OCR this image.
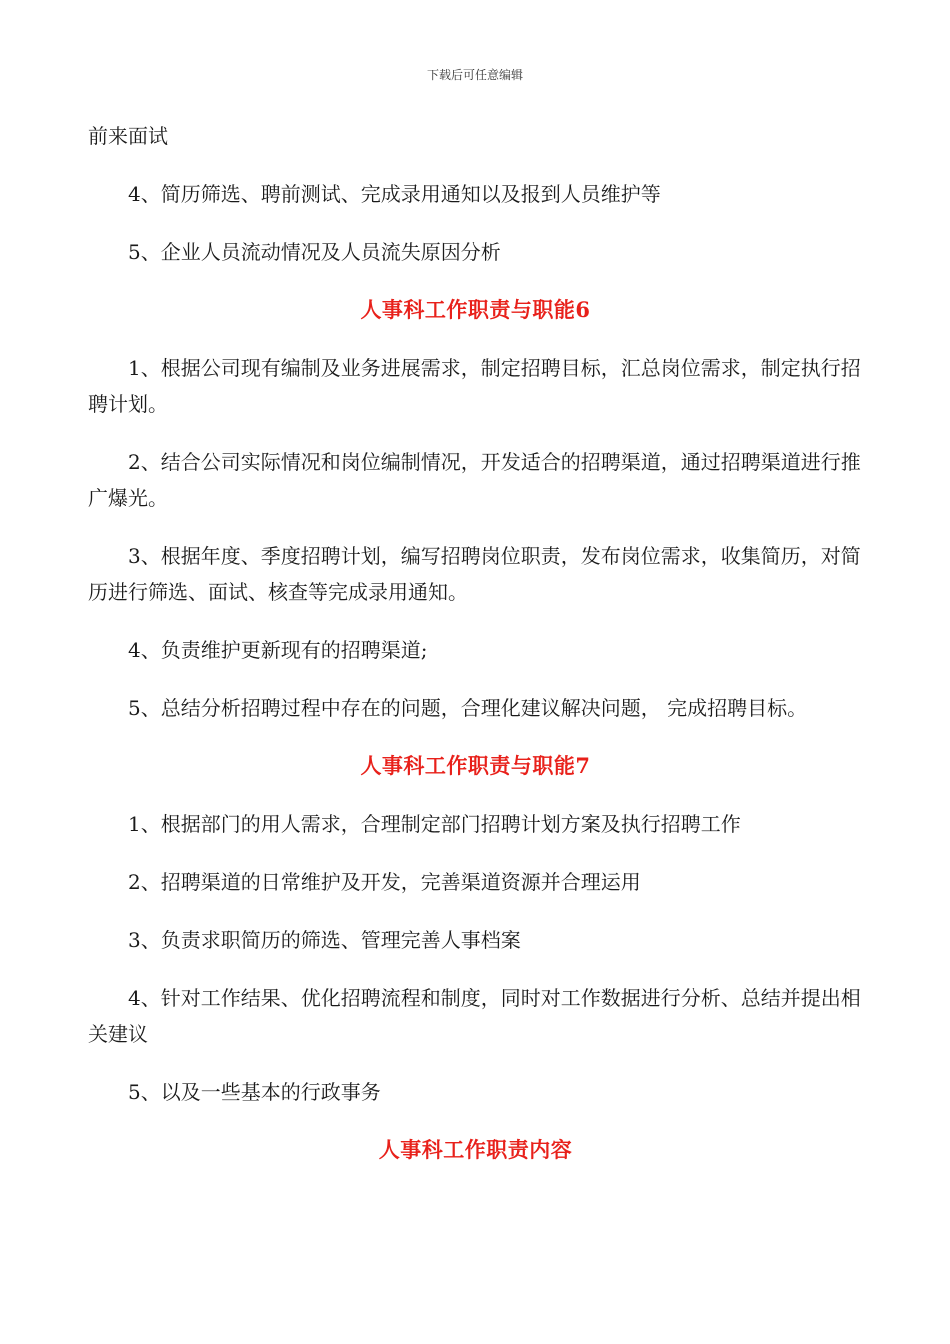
下载后可任意编辑

前来面试

4、简历筛选、聘前测试、完成录用通知以及报到人员维护等

5、企业人员流动情况及人员流失原因分析

人事科工作职责与职能6

1、根据公司现有编制及业务进展需求，制定招聘目标，汇总岗位需求，制定执行招聘计划。

2、结合公司实际情况和岗位编制情况，开发适合的招聘渠道，通过招聘渠道进行推广爆光。

3、根据年度、季度招聘计划，编写招聘岗位职责，发布岗位需求，收集简历，对简历进行筛选、面试、核查等完成录用通知。

4、负责维护更新现有的招聘渠道;

5、总结分析招聘过程中存在的问题，合理化建议解决问题， 完成招聘目标。

人事科工作职责与职能7

1、根据部门的用人需求，合理制定部门招聘计划方案及执行招聘工作

2、招聘渠道的日常维护及开发，完善渠道资源并合理运用

3、负责求职简历的筛选、管理完善人事档案

4、针对工作结果、优化招聘流程和制度，同时对工作数据进行分析、总结并提出相关建议

5、以及一些基本的行政事务

人事科工作职责内容
